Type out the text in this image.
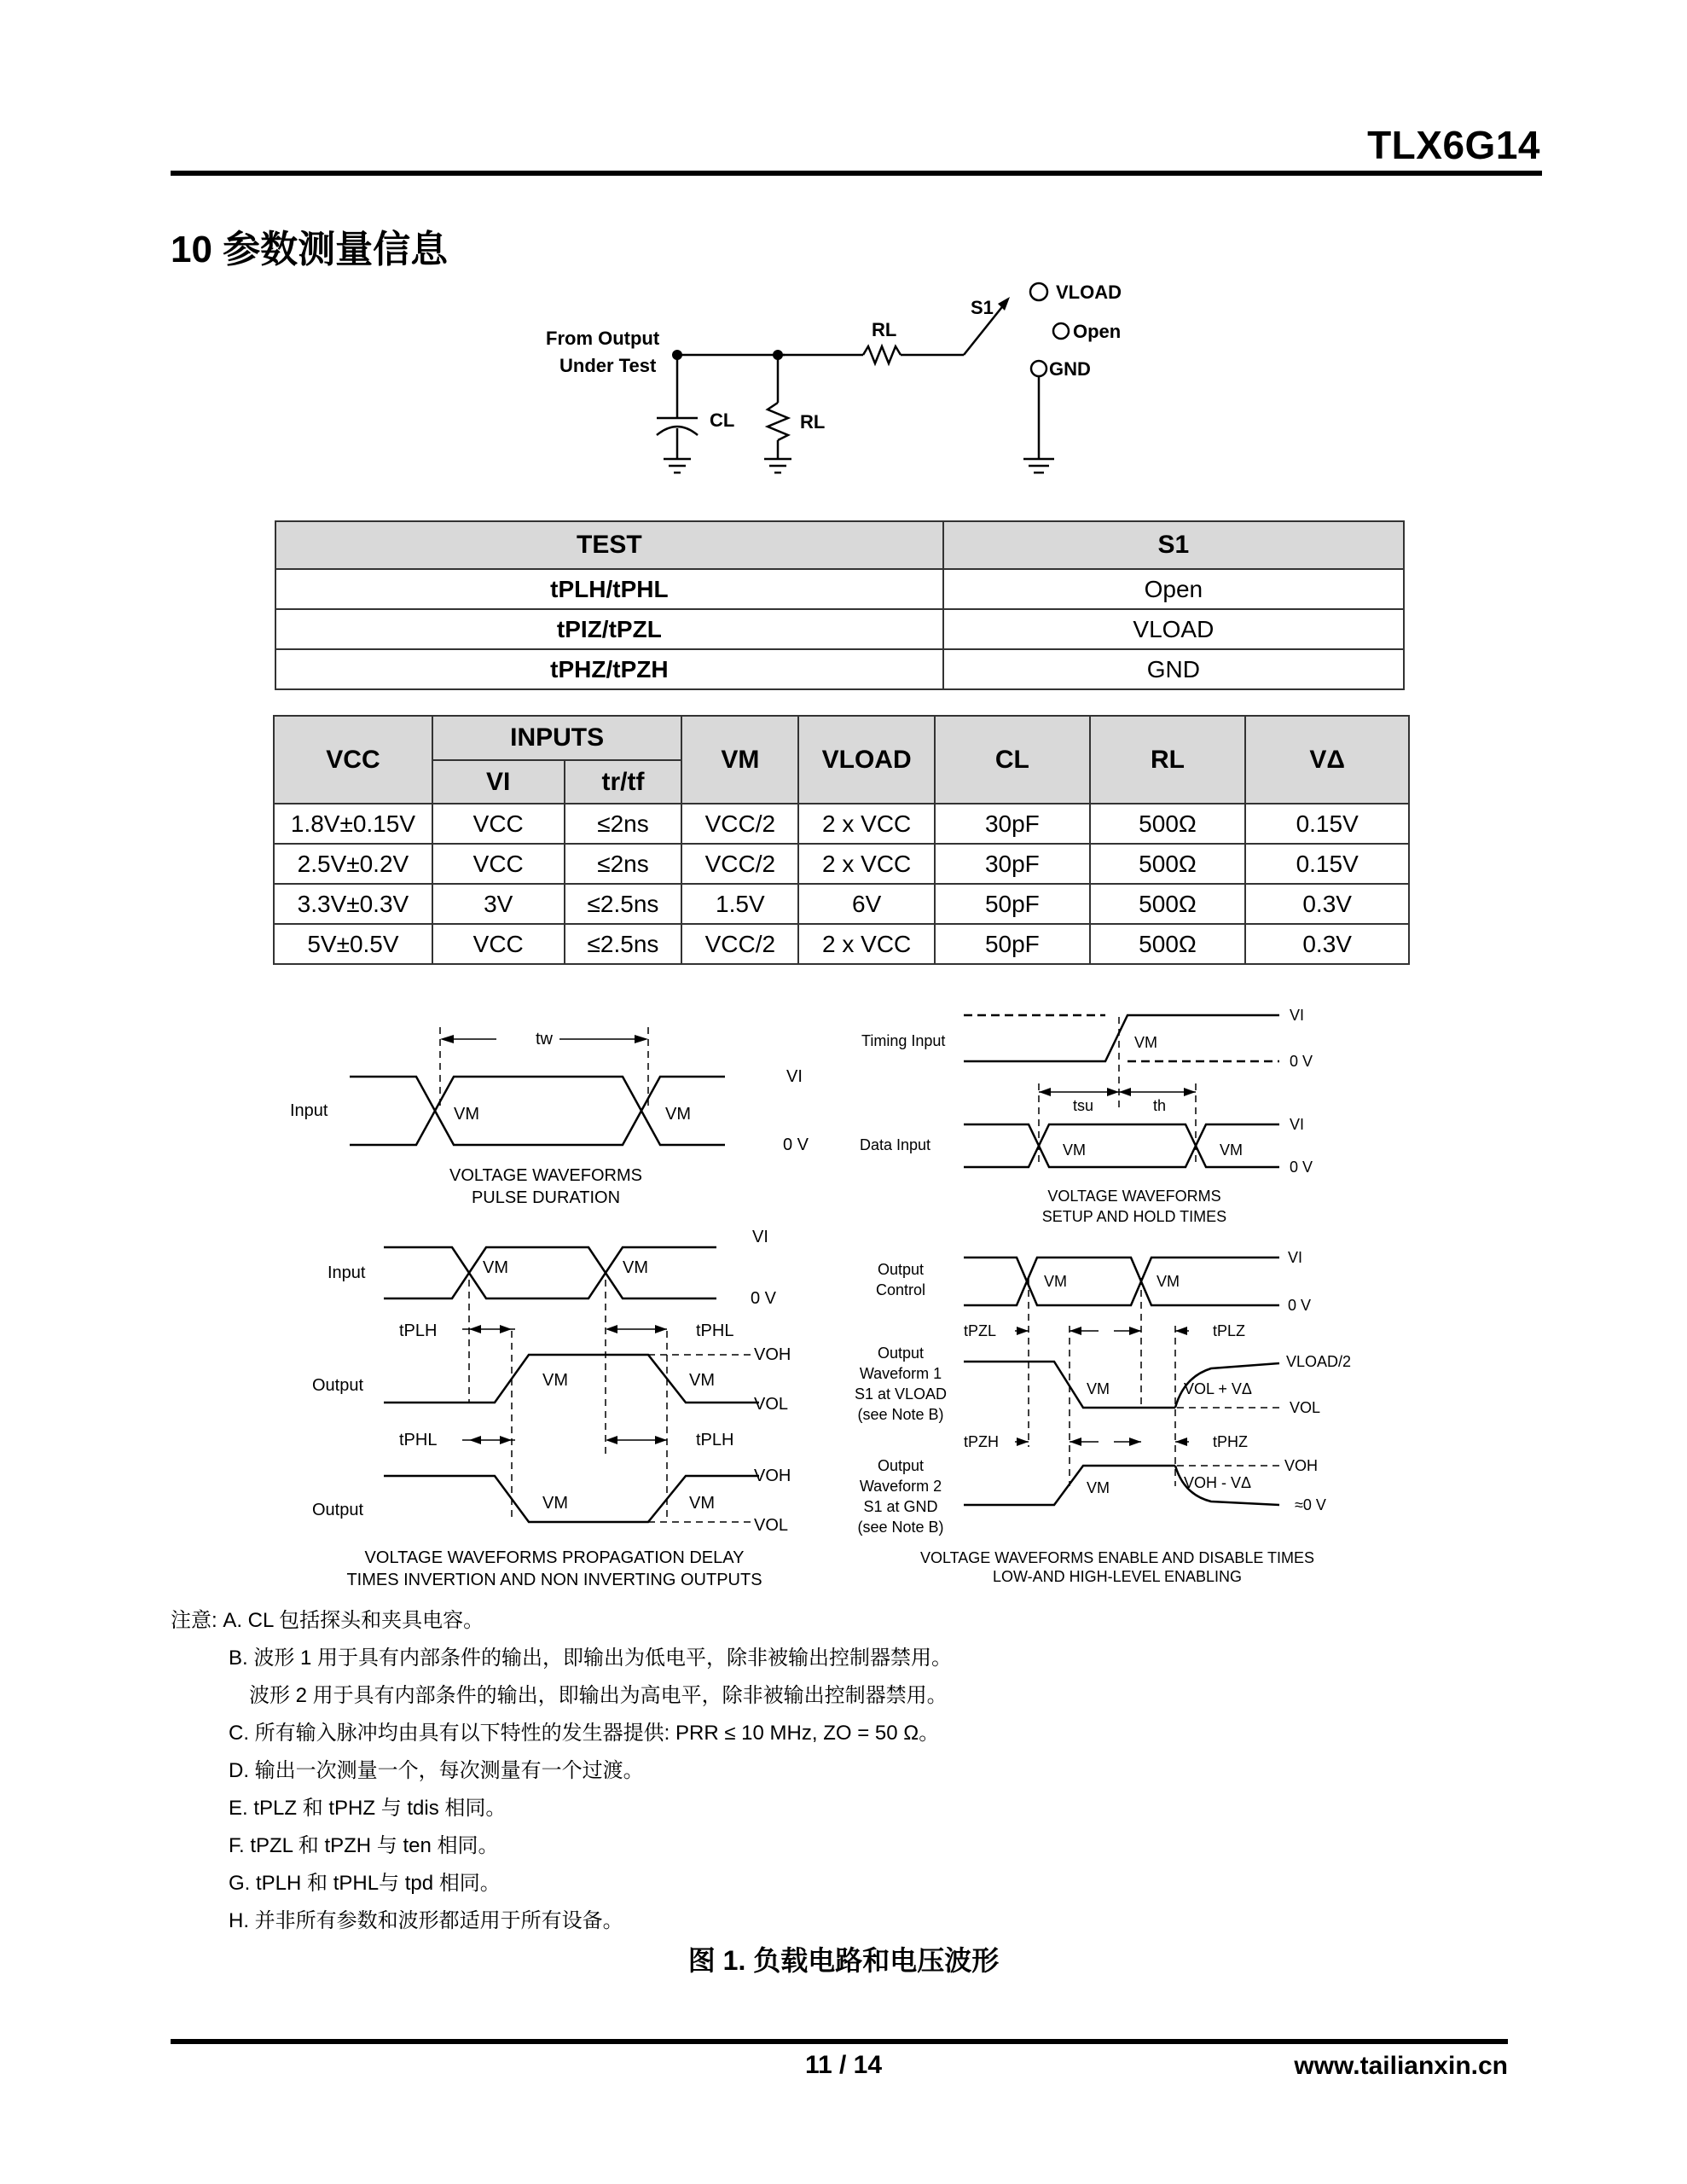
TLX6G14
10 参数测量信息
From Output
Under Test
CL	RL
RL
S1
VLOAD
Open
GND
TEST	S1
tPLH/tPHL	Open
tPIZ/tPZL	VLOAD
tPHZ/tPZH	GND
VCC	INPUTS		VM	VLOAD	CL	RL	VΔ
	VI	tr/tf					
1.8V±0.15V	VCC	≤2ns	VCC/2	2 x VCC	30pF	500Ω	0.15V
2.5V±0.2V	VCC	≤2ns	VCC/2	2 x VCC	30pF	500Ω	0.15V
3.3V±0.3V	3V	≤2.5ns	1.5V	6V	50pF	500Ω	0.3V
5V±0.5V	VCC	≤2.5ns	VCC/2	2 x VCC	50pF	500Ω	0.3V
Input
tw
VM	VM
VI
0 V
VOLTAGE WAVEFORMS
PULSE DURATION
Timing Input
Data Input
tsu	th
VM
VM	VM
VI
0 V
VI
0 V
VOLTAGE WAVEFORMS
SETUP AND HOLD TIMES
Input
Output
Output
VM	VM
VM	VM
VM	VM
VI
0 V
tPLH	tPHL
tPHL	tPLH
VOH
VOL
VOH
VOL
VOLTAGE WAVEFORMS PROPAGATION DELAY
TIMES INVERTION AND NON INVERTING OUTPUTS
Output
Control
Output
Waveform 1
S1 at VLOAD
(see Note B)
Output
Waveform 2
S1 at GND
(see Note B)
tPZL	tPLZ
tPZH	tPHZ
VM	VM
VM
VM
VI
0 V
VLOAD/2
VOL + VΔ
VOL
VOH
VOH - VΔ
≈0 V
VOLTAGE WAVEFORMS ENABLE AND DISABLE TIMES
LOW-AND HIGH-LEVEL ENABLING
注意: A. CL 包括探头和夹具电容。
B. 波形 1 用于具有内部条件的输出，即输出为低电平，除非被输出控制器禁用。
波形 2 用于具有内部条件的输出，即输出为高电平，除非被输出控制器禁用。
C. 所有输入脉冲均由具有以下特性的发生器提供: PRR ≤ 10 MHz, ZO = 50 Ω。
D. 输出一次测量一个，每次测量有一个过渡。
E. tPLZ 和 tPHZ 与 tdis 相同。
F. tPZL 和 tPZH 与 ten 相同。
G. tPLH 和 tPHL与 tpd 相同。
H. 并非所有参数和波形都适用于所有设备。
图 1. 负载电路和电压波形
11 / 14	www.tailianxin.cn
